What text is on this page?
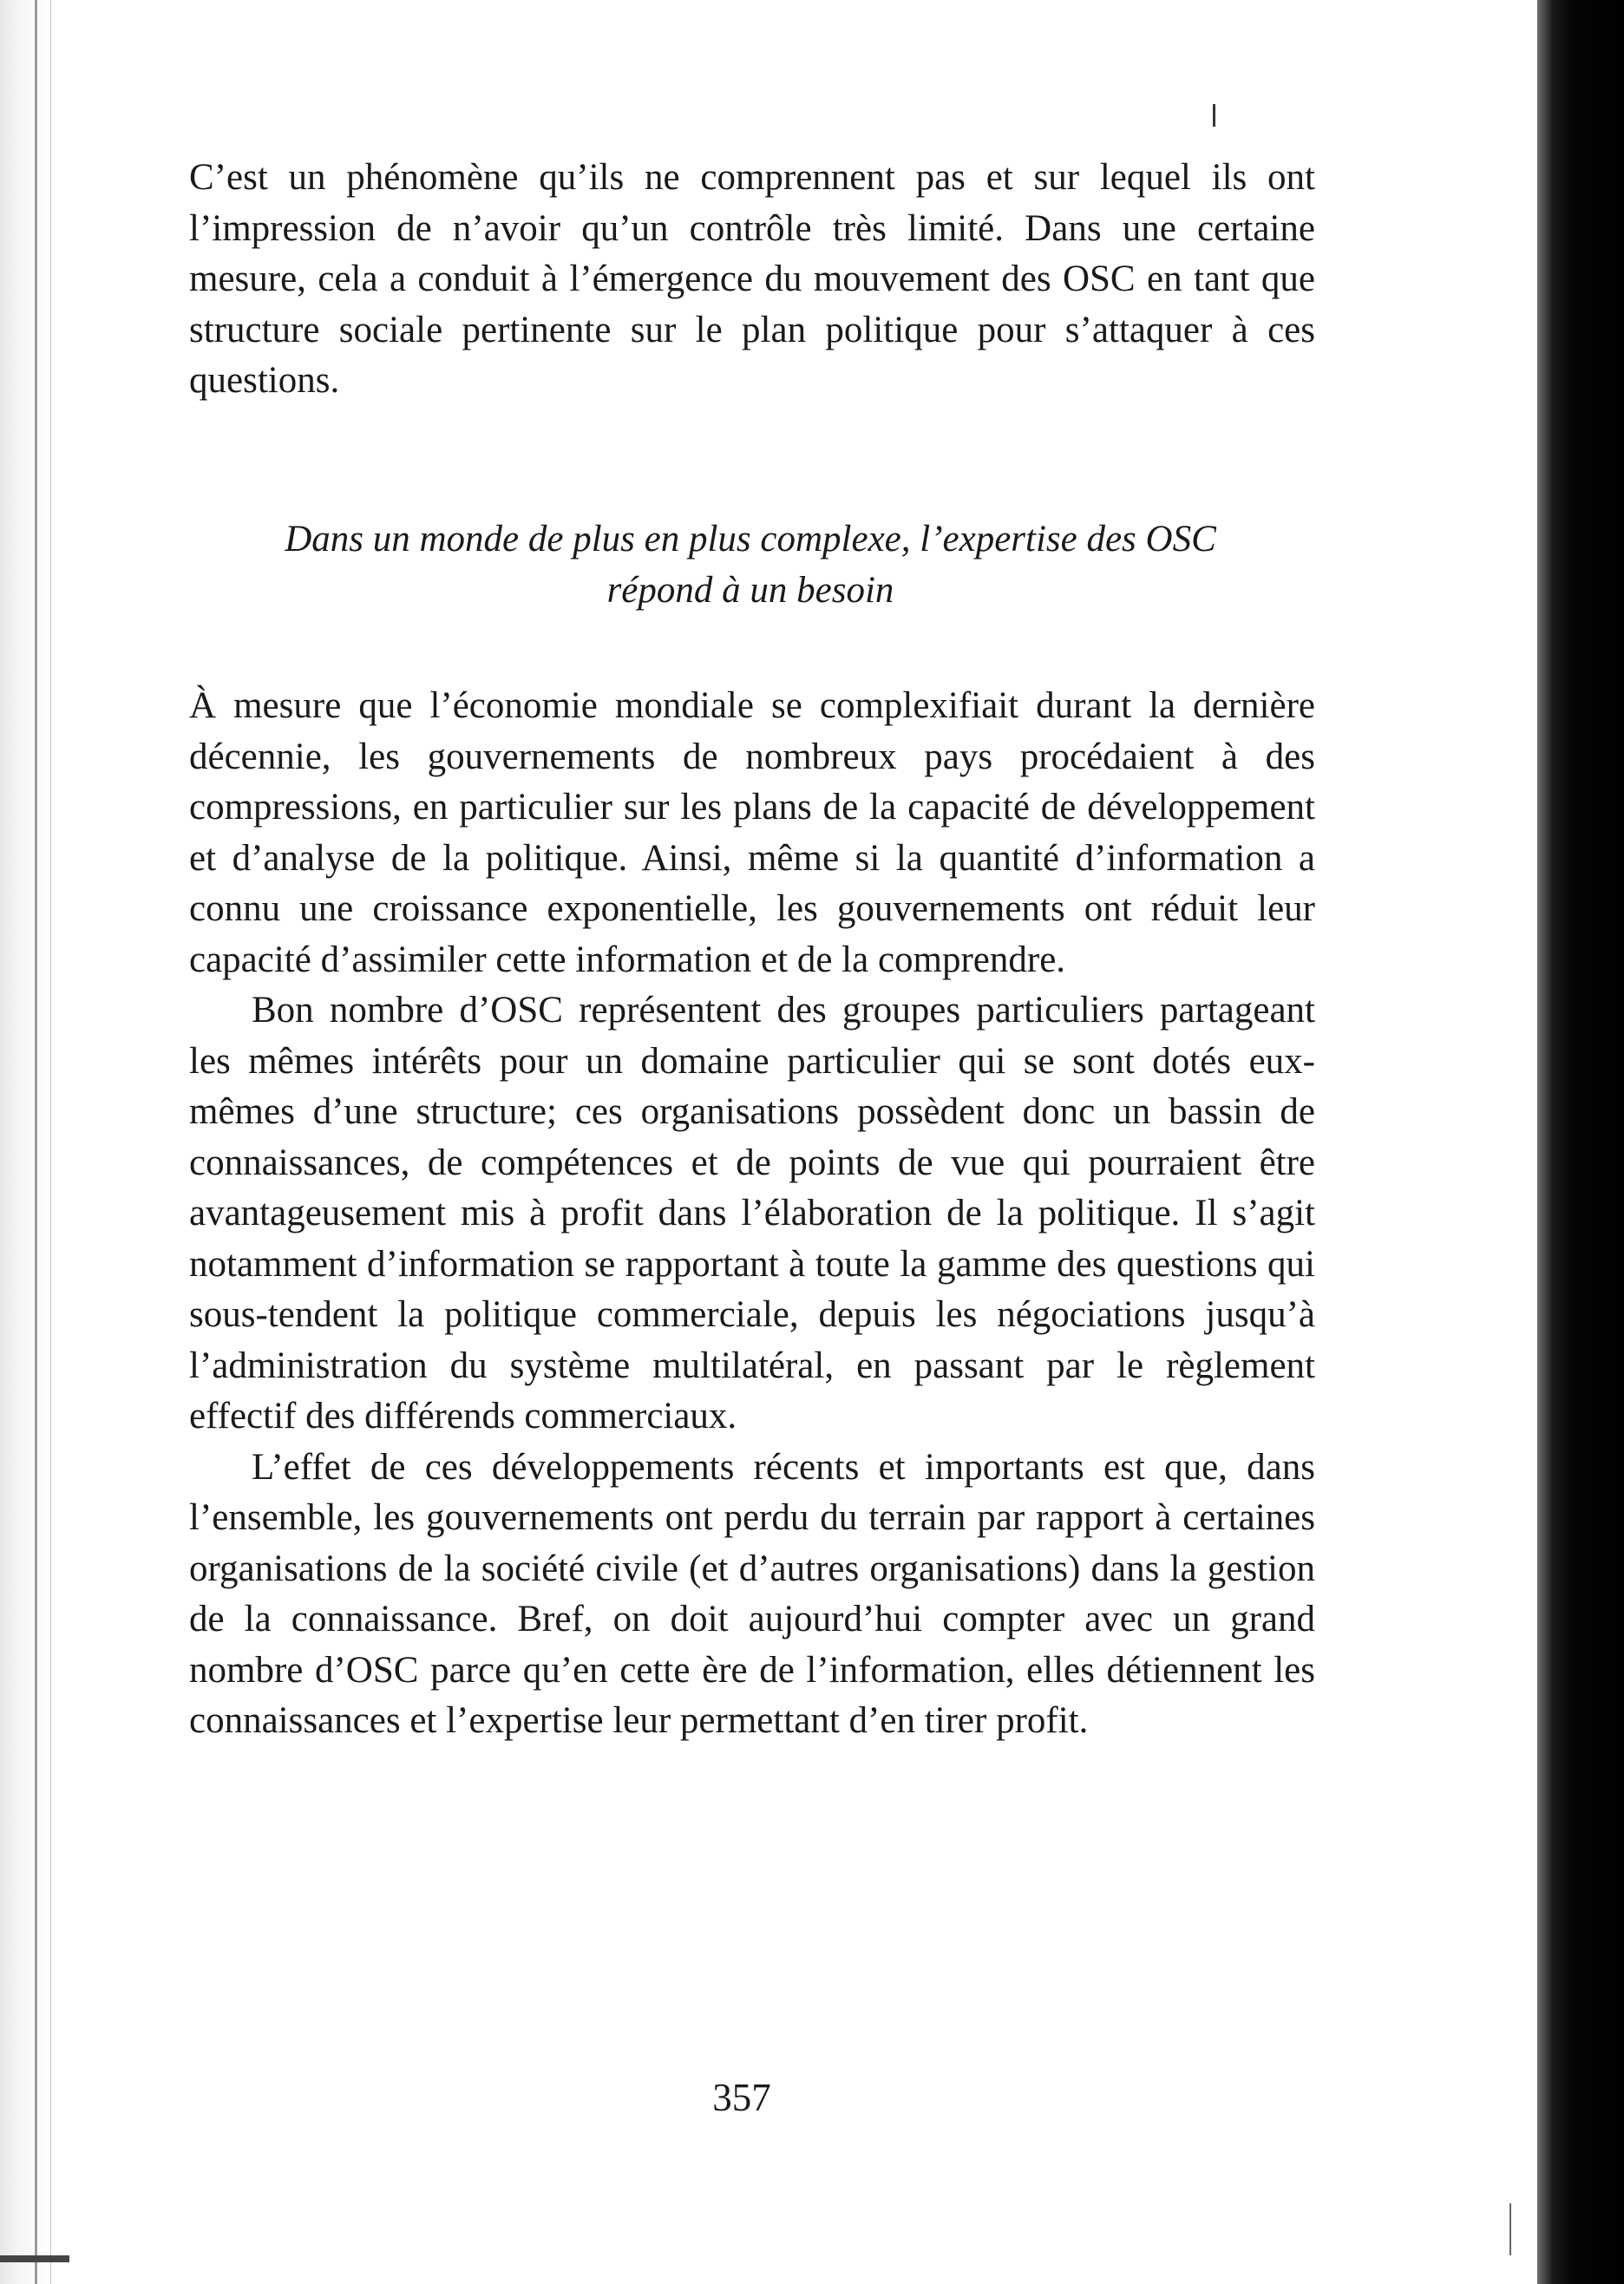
C’est un phénomène qu’ils ne comprennent pas et sur lequel ils ont l’impression de n’avoir qu’un contrôle très limité. Dans une certaine mesure, cela a conduit à l’émergence du mouvement des OSC en tant que structure sociale pertinente sur le plan politique pour s’attaquer à ces questions.

Dans un monde de plus en plus complexe, l’expertise des OSC
répond à un besoin

À mesure que l’économie mondiale se complexifiait durant la dernière décennie, les gouvernements de nombreux pays procédaient à des compressions, en particulier sur les plans de la capacité de développement et d’analyse de la politique. Ainsi, même si la quantité d’information a connu une croissance exponentielle, les gouvernements ont réduit leur capacité d’assimiler cette information et de la comprendre.

Bon nombre d’OSC représentent des groupes particuliers partageant les mêmes intérêts pour un domaine particulier qui se sont dotés eux-mêmes d’une structure; ces organisations possèdent donc un bassin de connaissances, de compétences et de points de vue qui pourraient être avantageusement mis à profit dans l’élaboration de la politique. Il s’agit notamment d’information se rapportant à toute la gamme des questions qui sous-tendent la politique commerciale, depuis les négociations jusqu’à l’administration du système multilatéral, en passant par le règlement effectif des différends commerciaux.

L’effet de ces développements récents et importants est que, dans l’ensemble, les gouvernements ont perdu du terrain par rapport à certaines organisations de la société civile (et d’autres organisations) dans la gestion de la connaissance. Bref, on doit aujourd’hui compter avec un grand nombre d’OSC parce qu’en cette ère de l’information, elles détiennent les connaissances et l’expertise leur permettant d’en tirer profit.

357
